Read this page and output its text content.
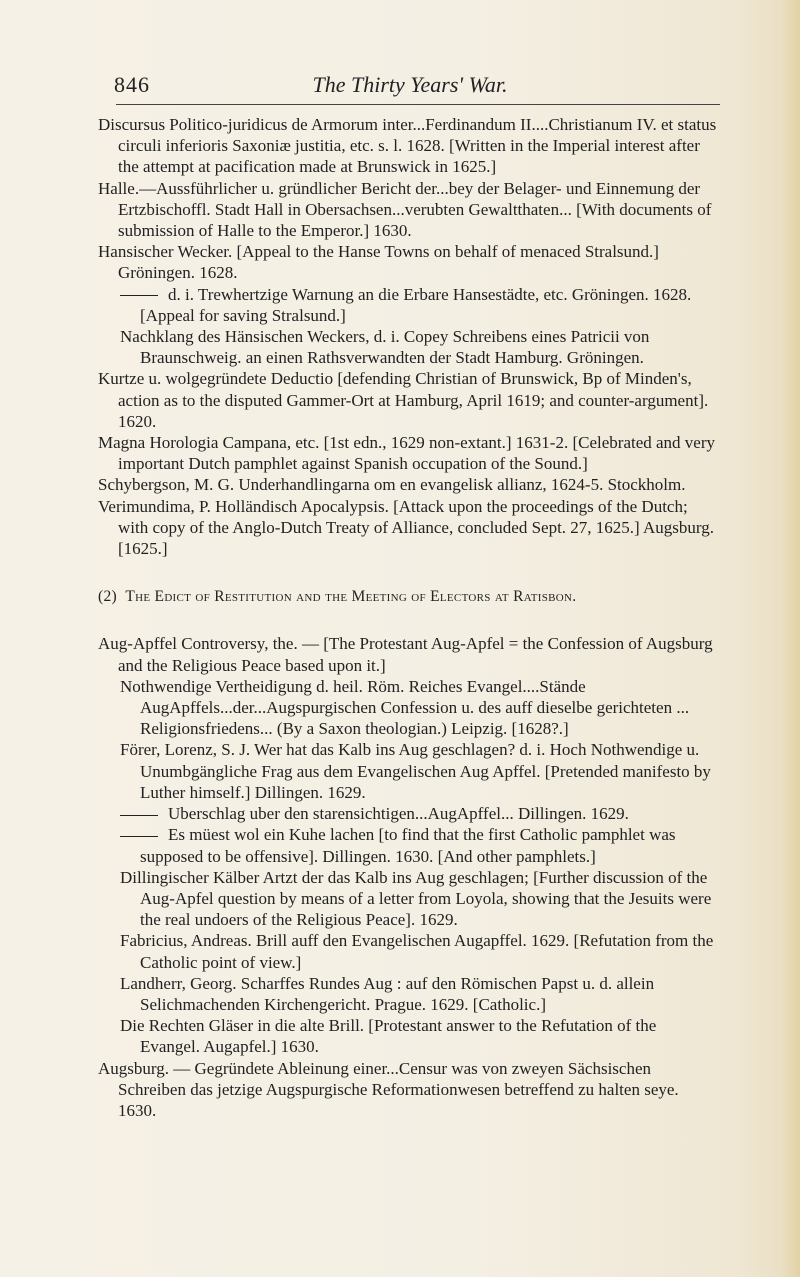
846	The Thirty Years' War.

Discursus Politico-juridicus de Armorum inter...Ferdinandum II....Christianum IV. et status circuli inferioris Saxoniæ justitia, etc. s. l. 1628. [Written in the Imperial interest after the attempt at pacification made at Brunswick in 1625.]

Halle.—Aussführlicher u. gründlicher Bericht der...bey der Belager- und Einnemung der Ertzbischoffl. Stadt Hall in Obersachsen...verubten Gewaltthaten... [With documents of submission of Halle to the Emperor.] 1630.

Hansischer Wecker. [Appeal to the Hanse Towns on behalf of menaced Stralsund.] Gröningen. 1628.

d. i. Trewhertzige Warnung an die Erbare Hansestädte, etc. Gröningen. 1628. [Appeal for saving Stralsund.]

Nachklang des Hänsischen Weckers, d. i. Copey Schreibens eines Patricii von Braunschweig. an einen Rathsverwandten der Stadt Hamburg. Gröningen.

Kurtze u. wolgegründete Deductio [defending Christian of Brunswick, Bp of Minden's, action as to the disputed Gammer-Ort at Hamburg, April 1619; and counter-argument]. 1620.

Magna Horologia Campana, etc. [1st edn., 1629 non-extant.] 1631-2. [Celebrated and very important Dutch pamphlet against Spanish occupation of the Sound.]

Schybergson, M. G. Underhandlingarna om en evangelisk allianz, 1624-5. Stockholm.

Verimundima, P. Holländisch Apocalypsis. [Attack upon the proceedings of the Dutch; with copy of the Anglo-Dutch Treaty of Alliance, concluded Sept. 27, 1625.] Augsburg. [1625.]

(2) The Edict of Restitution and the Meeting of Electors at Ratisbon.

Aug-Apffel Controversy, the. — [The Protestant Aug-Apfel = the Confession of Augsburg and the Religious Peace based upon it.]

Nothwendige Vertheidigung d. heil. Röm. Reiches Evangel....Stände AugApffels...der...Augspurgischen Confession u. des auff dieselbe gerichteten ... Religionsfriedens... (By a Saxon theologian.) Leipzig. [1628?.]

Förer, Lorenz, S. J. Wer hat das Kalb ins Aug geschlagen? d. i. Hoch Nothwendige u. Unumbgängliche Frag aus dem Evangelischen Aug Apffel. [Pretended manifesto by Luther himself.] Dillingen. 1629.

Uberschlag uber den starensichtigen...AugApffel... Dillingen. 1629.

Es müest wol ein Kuhe lachen [to find that the first Catholic pamphlet was supposed to be offensive]. Dillingen. 1630. [And other pamphlets.]

Dillingischer Kälber Artzt der das Kalb ins Aug geschlagen; [Further discussion of the Aug-Apfel question by means of a letter from Loyola, showing that the Jesuits were the real undoers of the Religious Peace]. 1629.

Fabricius, Andreas. Brill auff den Evangelischen Augapffel. 1629. [Refutation from the Catholic point of view.]

Landherr, Georg. Scharffes Rundes Aug : auf den Römischen Papst u. d. allein Selichmachenden Kirchengericht. Prague. 1629. [Catholic.]

Die Rechten Gläser in die alte Brill. [Protestant answer to the Refutation of the Evangel. Augapfel.] 1630.

Augsburg. — Gegründete Ableinung einer...Censur was von zweyen Sächsischen Schreiben das jetzige Augspurgische Reformationwesen betreffend zu halten seye. 1630.
